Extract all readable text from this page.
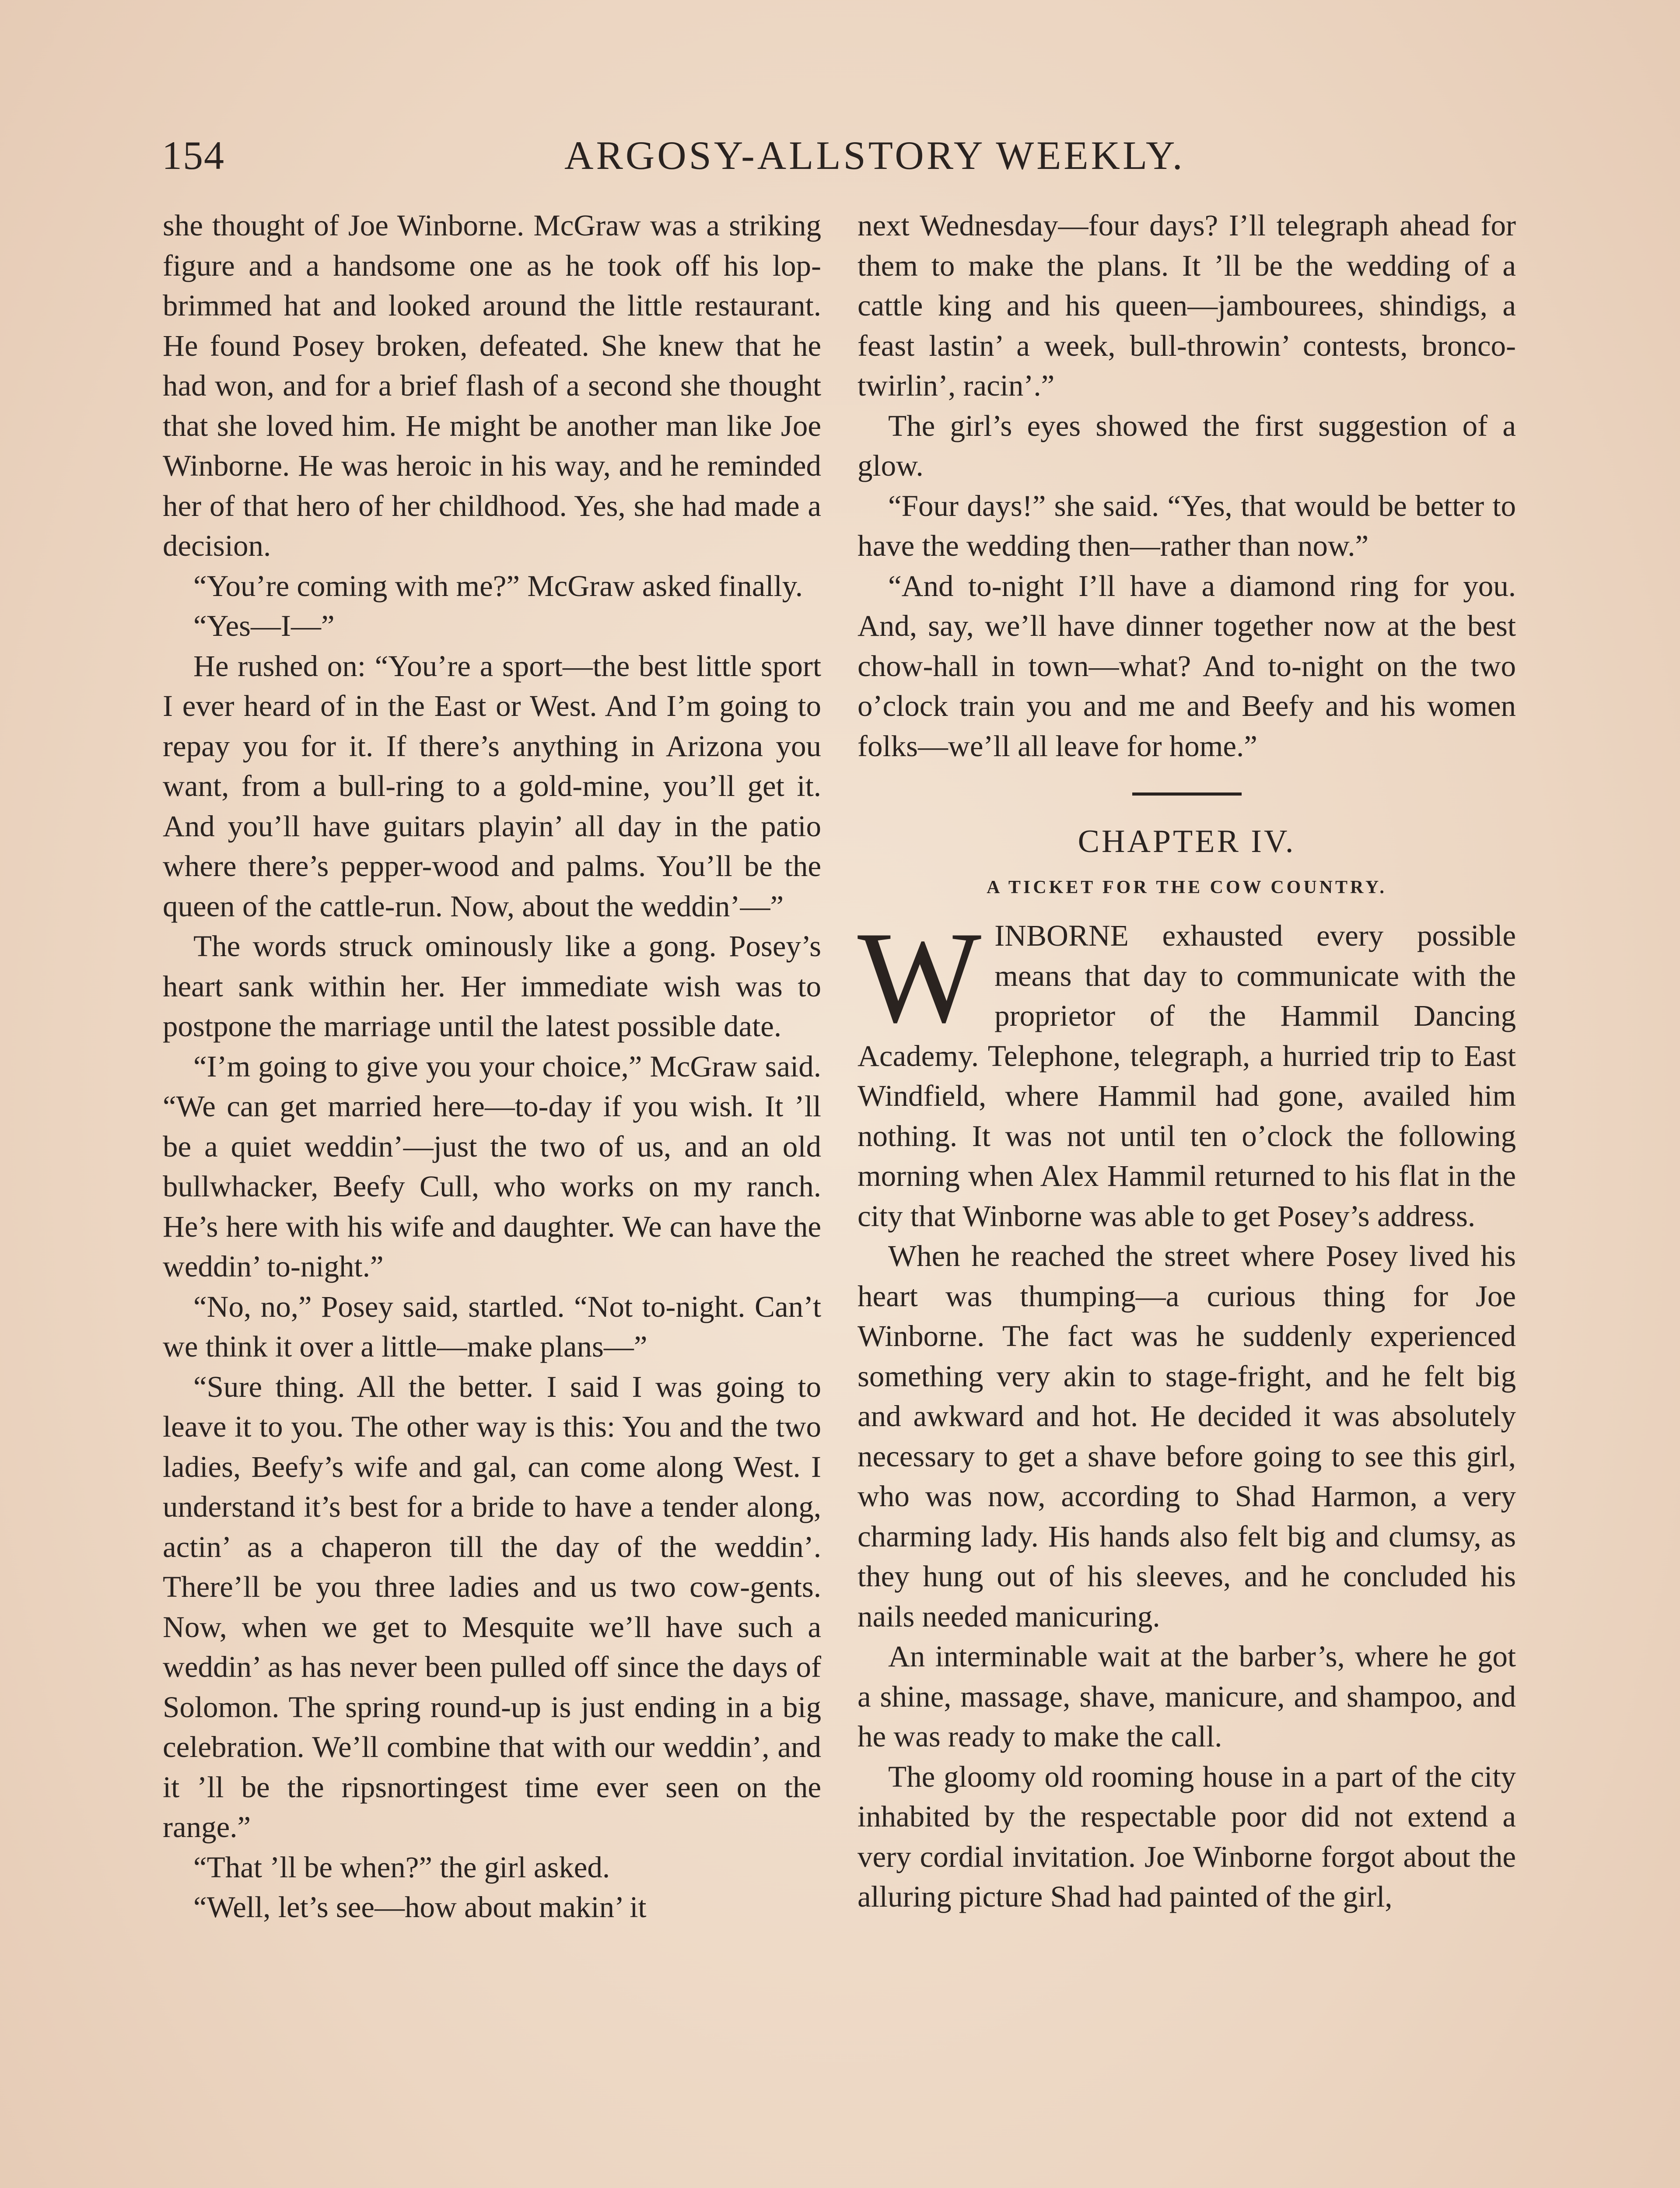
154	ARGOSY-ALLSTORY WEEKLY.

she thought of Joe Winborne. McGraw was a striking figure and a handsome one as he took off his lop-brimmed hat and looked around the little restaurant. He found Posey broken, defeated. She knew that he had won, and for a brief flash of a second she thought that she loved him. He might be another man like Joe Winborne. He was heroic in his way, and he reminded her of that hero of her childhood. Yes, she had made a decision.

“You’re coming with me?” McGraw asked finally.

“Yes—I—”

He rushed on: “You’re a sport—the best little sport I ever heard of in the East or West. And I’m going to repay you for it. If there’s anything in Arizona you want, from a bull-ring to a gold-mine, you’ll get it. And you’ll have guitars playin’ all day in the patio where there’s pepper-wood and palms. You’ll be the queen of the cattle-run. Now, about the weddin’—”

The words struck ominously like a gong. Posey’s heart sank within her. Her immediate wish was to postpone the marriage until the latest possible date.

“I’m going to give you your choice,” McGraw said. “We can get married here—to-day if you wish. It ’ll be a quiet weddin’—just the two of us, and an old bullwhacker, Beefy Cull, who works on my ranch. He’s here with his wife and daughter. We can have the weddin’ to-night.”

“No, no,” Posey said, startled. “Not to-night. Can’t we think it over a little—make plans—”

“Sure thing. All the better. I said I was going to leave it to you. The other way is this: You and the two ladies, Beefy’s wife and gal, can come along West. I understand it’s best for a bride to have a tender along, actin’ as a chaperon till the day of the weddin’. There’ll be you three ladies and us two cow-gents. Now, when we get to Mesquite we’ll have such a weddin’ as has never been pulled off since the days of Solomon. The spring round-up is just ending in a big celebration. We’ll combine that with our weddin’, and it ’ll be the ripsnortingest time ever seen on the range.”

“That ’ll be when?” the girl asked.

“Well, let’s see—how about makin’ it

next Wednesday—four days? I’ll telegraph ahead for them to make the plans. It ’ll be the wedding of a cattle king and his queen—jambourees, shindigs, a feast lastin’ a week, bull-throwin’ contests, bronco-twirlin’, racin’.”

The girl’s eyes showed the first suggestion of a glow.

“Four days!” she said. “Yes, that would be better to have the wedding then—rather than now.”

“And to-night I’ll have a diamond ring for you. And, say, we’ll have dinner together now at the best chow-hall in town—what? And to-night on the two o’clock train you and me and Beefy and his women folks—we’ll all leave for home.”

CHAPTER IV.
A TICKET FOR THE COW COUNTRY.

WINBORNE exhausted every possible means that day to communicate with the proprietor of the Hammil Dancing Academy. Telephone, telegraph, a hurried trip to East Windfield, where Hammil had gone, availed him nothing. It was not until ten o’clock the following morning when Alex Hammil returned to his flat in the city that Winborne was able to get Posey’s address.

When he reached the street where Posey lived his heart was thumping—a curious thing for Joe Winborne. The fact was he suddenly experienced something very akin to stage-fright, and he felt big and awkward and hot. He decided it was absolutely necessary to get a shave before going to see this girl, who was now, according to Shad Harmon, a very charming lady. His hands also felt big and clumsy, as they hung out of his sleeves, and he concluded his nails needed manicuring.

An interminable wait at the barber’s, where he got a shine, massage, shave, manicure, and shampoo, and he was ready to make the call.

The gloomy old rooming house in a part of the city inhabited by the respectable poor did not extend a very cordial invitation. Joe Winborne forgot about the alluring picture Shad had painted of the girl,
